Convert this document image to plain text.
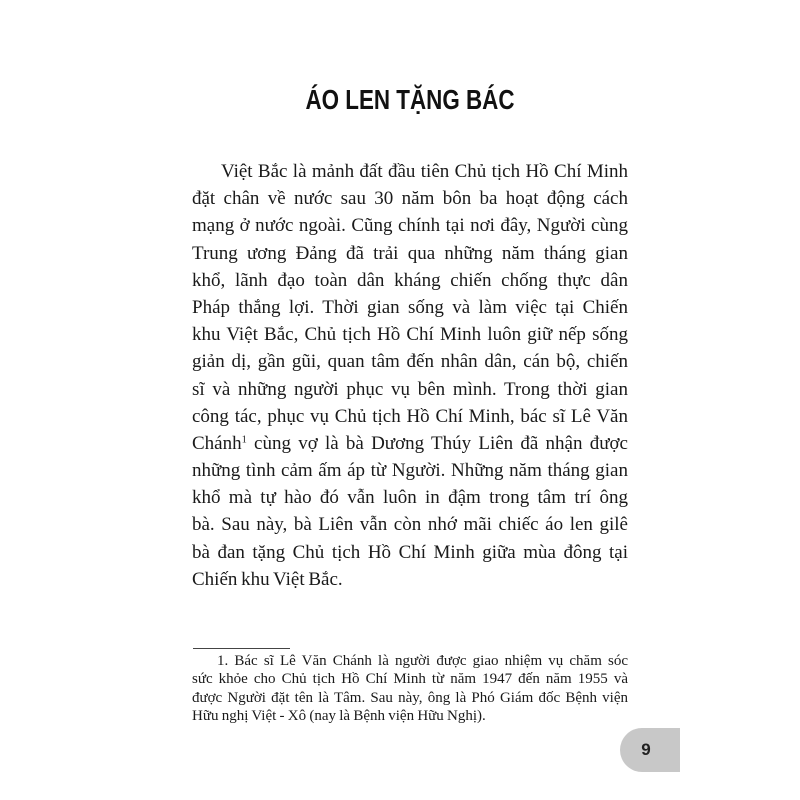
ÁO LEN TẶNG BÁC
Việt Bắc là mảnh đất đầu tiên Chủ tịch Hồ Chí Minh
đặt chân về nước sau 30 năm bôn ba hoạt động cách
mạng ở nước ngoài. Cũng chính tại nơi đây, Người cùng
Trung ương Đảng đã trải qua những năm tháng gian
khổ, lãnh đạo toàn dân kháng chiến chống thực dân
Pháp thắng lợi. Thời gian sống và làm việc tại Chiến
khu Việt Bắc, Chủ tịch Hồ Chí Minh luôn giữ nếp sống
giản dị, gần gũi, quan tâm đến nhân dân, cán bộ, chiến
sĩ và những người phục vụ bên mình. Trong thời gian
công tác, phục vụ Chủ tịch Hồ Chí Minh, bác sĩ Lê Văn
Chánh$^1$ cùng vợ là bà Dương Thúy Liên đã nhận được
những tình cảm ấm áp từ Người. Những năm tháng gian
khổ mà tự hào đó vẫn luôn in đậm trong tâm trí ông
bà. Sau này, bà Liên vẫn còn nhớ mãi chiếc áo len gilê
bà đan tặng Chủ tịch Hồ Chí Minh giữa mùa đông tại
Chiến khu Việt Bắc.
1. Bác sĩ Lê Văn Chánh là người được giao nhiệm vụ chăm sóc
sức khỏe cho Chủ tịch Hồ Chí Minh từ năm 1947 đến năm 1955 và
được Người đặt tên là Tâm. Sau này, ông là Phó Giám đốc Bệnh viện
Hữu nghị Việt - Xô (nay là Bệnh viện Hữu Nghị).
9
